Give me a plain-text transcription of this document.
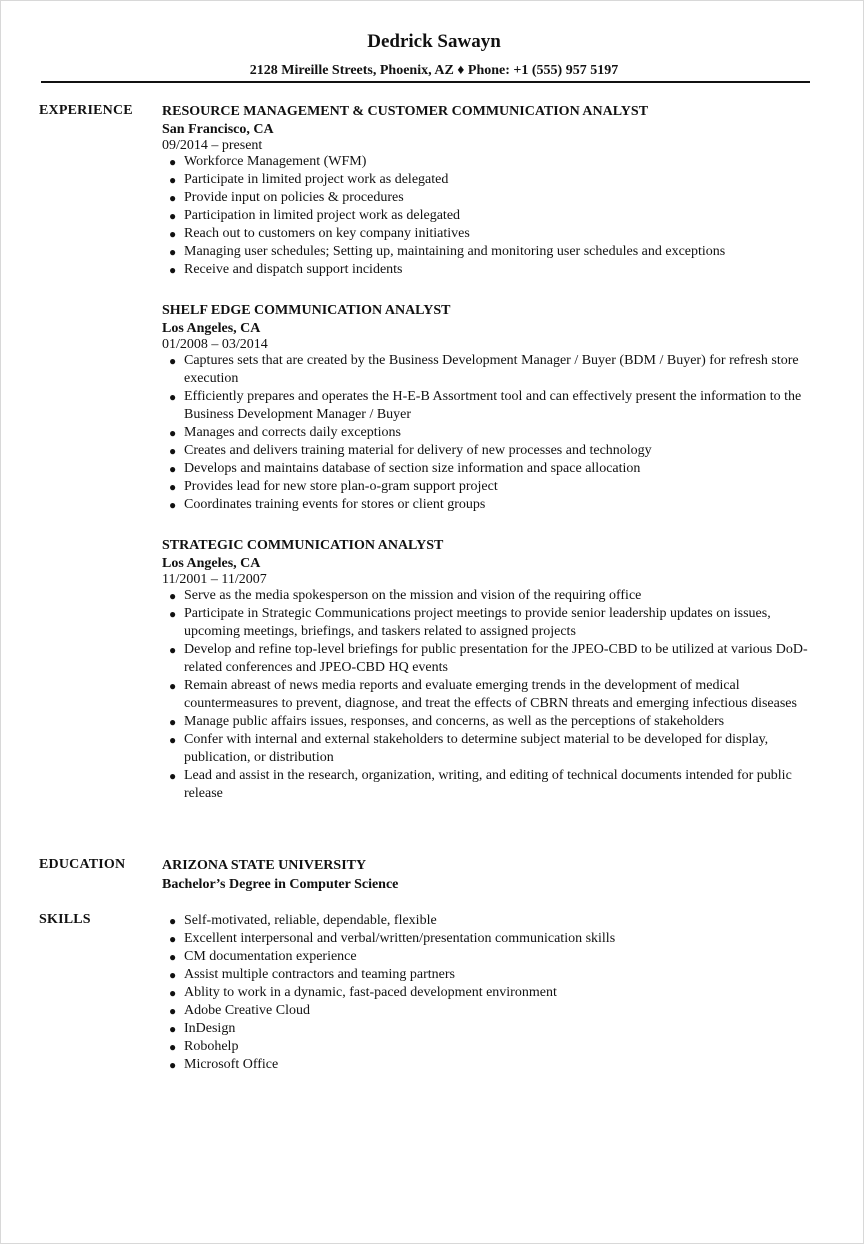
Dedrick Sawayn
2128 Mireille Streets, Phoenix, AZ ♦ Phone: +1 (555) 957 5197
EXPERIENCE RESOURCE MANAGEMENT & CUSTOMER COMMUNICATION ANALYST
San Francisco, CA
09/2014 – present
● Workforce Management (WFM)
● Participate in limited project work as delegated
● Provide input on policies & procedures
● Participation in limited project work as delegated
● Reach out to customers on key company initiatives
● Managing user schedules; Setting up, maintaining and monitoring user schedules and exceptions
● Receive and dispatch support incidents
SHELF EDGE COMMUNICATION ANALYST
Los Angeles, CA
01/2008 – 03/2014
● Captures sets that are created by the Business Development Manager / Buyer (BDM / Buyer) for refresh store execution
● Efficiently prepares and operates the H-E-B Assortment tool and can effectively present the information to the Business Development Manager / Buyer
● Manages and corrects daily exceptions
● Creates and delivers training material for delivery of new processes and technology
● Develops and maintains database of section size information and space allocation
● Provides lead for new store plan-o-gram support project
● Coordinates training events for stores or client groups
STRATEGIC COMMUNICATION ANALYST
Los Angeles, CA
11/2001 – 11/2007
● Serve as the media spokesperson on the mission and vision of the requiring office
● Participate in Strategic Communications project meetings to provide senior leadership updates on issues, upcoming meetings, briefings, and taskers related to assigned projects
● Develop and refine top-level briefings for public presentation for the JPEO-CBD to be utilized at various DoD-related conferences and JPEO-CBD HQ events
● Remain abreast of news media reports and evaluate emerging trends in the development of medical countermeasures to prevent, diagnose, and treat the effects of CBRN threats and emerging infectious diseases
● Manage public affairs issues, responses, and concerns, as well as the perceptions of stakeholders
● Confer with internal and external stakeholders to determine subject material to be developed for display, publication, or distribution
● Lead and assist in the research, organization, writing, and editing of technical documents intended for public release
EDUCATION	ARIZONA STATE UNIVERSITY
Bachelor’s Degree in Computer Science
SKILLS	● Self-motivated, reliable, dependable, flexible
● Excellent interpersonal and verbal/written/presentation communication skills
● CM documentation experience
● Assist multiple contractors and teaming partners
● Ablity to work in a dynamic, fast-paced development environment
● Adobe Creative Cloud
● InDesign
● Robohelp
● Microsoft Office
